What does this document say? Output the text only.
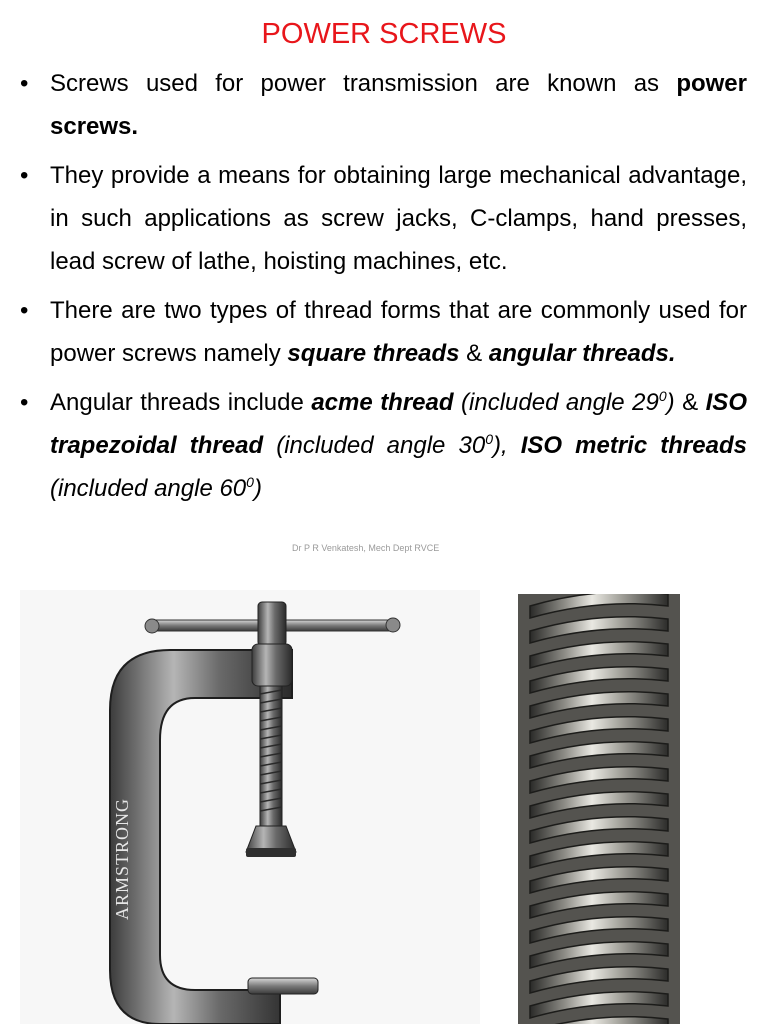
POWER SCREWS
• Screws used for power transmission are known as power screws.
• They provide a means for obtaining large mechanical advantage, in such applications as screw jacks, C-clamps, hand presses, lead screw of lathe, hoisting machines, etc.
• There are two types of thread forms that are commonly used for power screws namely square threads & angular threads.
• Angular threads include acme thread (included angle $29^0$) & ISO trapezoidal thread (included angle $30^0$), ISO metric threads (included angle $60^0$)
Dr P R Venkatesh, Mech Dept RVCE
ARMSTRONG
